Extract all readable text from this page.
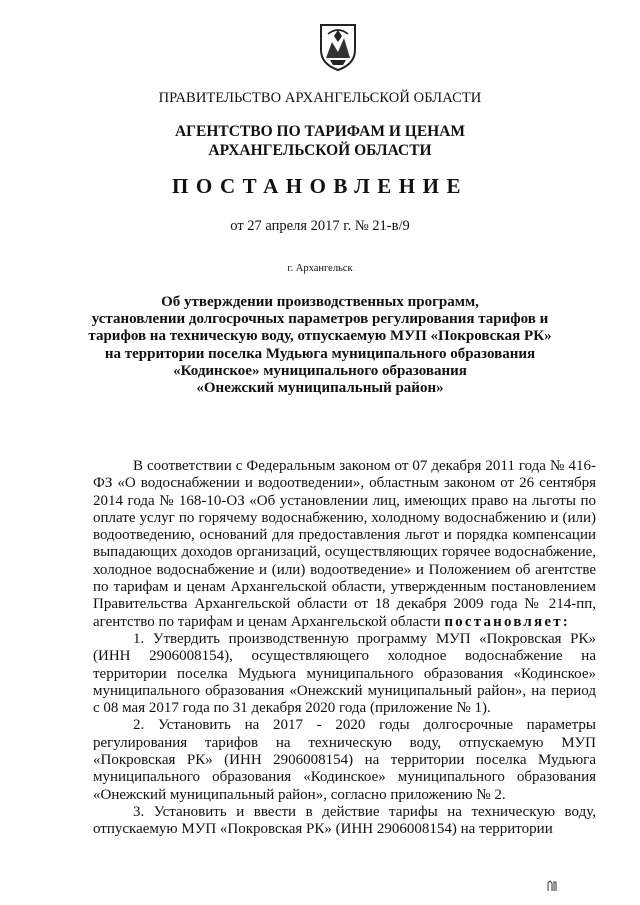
ПРАВИТЕЛЬСТВО АРХАНГЕЛЬСКОЙ ОБЛАСТИ
АГЕНТСТВО ПО ТАРИФАМ И ЦЕНАМ
АРХАНГЕЛЬСКОЙ ОБЛАСТИ
ПОСТАНОВЛЕНИЕ
от 27 апреля 2017 г. № 21-в/9
г. Архангельск
Об утверждении производственных программ,
установлении долгосрочных параметров регулирования тарифов и
тарифов на техническую воду, отпускаемую МУП «Покровская РК»
на территории поселка Мудьюга муниципального образования
«Кодинское» муниципального образования
«Онежский муниципальный район»

В соответствии с Федеральным законом от 07 декабря 2011 года № 416-ФЗ «О водоснабжении и водоотведении», областным законом от 26 сентября 2014 года № 168-10-ОЗ «Об установлении лиц, имеющих право на льготы по оплате услуг по горячему водоснабжению, холодному водоснабжению и (или) водоотведению, оснований для предоставления льгот и порядка компенсации выпадающих доходов организаций, осуществляющих горячее водоснабжение, холодное водоснабжение и (или) водоотведение» и Положением об агентстве по тарифам и ценам Архангельской области, утвержденным постановлением Правительства Архангельской области от 18 декабря 2009 года № 214-пп, агентство по тарифам и ценам Архангельской области постановляет:

1. Утвердить производственную программу МУП «Покровская РК» (ИНН 2906008154), осуществляющего холодное водоснабжение на территории поселка Мудьюга муниципального образования «Кодинское» муниципального образования «Онежский муниципальный район», на период с 08 мая 2017 года по 31 декабря 2020 года (приложение № 1).

2. Установить на 2017 - 2020 годы долгосрочные параметры регулирования тарифов на техническую воду, отпускаемую МУП «Покровская РК» (ИНН 2906008154) на территории поселка Мудьюга муниципального образования «Кодинское» муниципального образования «Онежский муниципальный район», согласно приложению № 2.

3. Установить и ввести в действие тарифы на техническую воду, отпускаемую МУП «Покровская РК» (ИНН 2906008154) на территории
